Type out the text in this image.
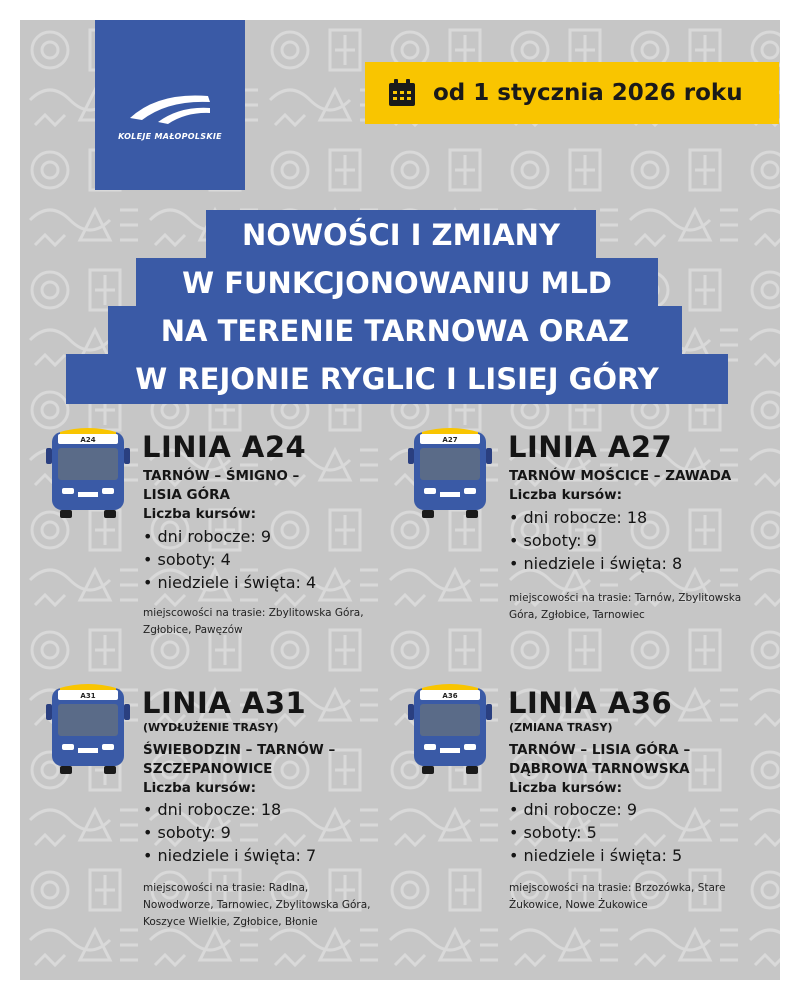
KOLEJE MAŁOPOLSKIE
od 1 stycznia 2026 roku
NOWOŚCI I ZMIANY
W FUNKCJONOWANIU MLD
NA TERENIE TARNOWA ORAZ
W REJONIE RYGLIC I LISIEJ GÓRY
A24 LINIA A24
TARNÓW – ŚMIGNO –
LISIA GÓRA
Liczba kursów:
• dni robocze: 9
• soboty: 4
• niedziele i święta: 4
miejscowości na trasie: Zbylitowska Góra, Zgłobice, Pawęzów
A27 LINIA A27
TARNÓW MOŚCICE – ZAWADA
Liczba kursów:
• dni robocze: 18
• soboty: 9
• niedziele i święta: 8
miejscowości na trasie: Tarnów, Zbylitowska Góra, Zgłobice, Tarnowiec
A31 LINIA A31
(WYDŁUŻENIE TRASY)
ŚWIEBODZIN – TARNÓW –
SZCZEPANOWICE
Liczba kursów:
• dni robocze: 18
• soboty: 9
• niedziele i święta: 7
miejscowości na trasie: Radlna, Nowodworze, Tarnowiec, Zbylitowska Góra, Koszyce Wielkie, Zgłobice, Błonie
A36 LINIA A36
(ZMIANA TRASY)
TARNÓW – LISIA GÓRA –
DĄBROWA TARNOWSKA
Liczba kursów:
• dni robocze: 9
• soboty: 5
• niedziele i święta: 5
miejscowości na trasie: Brzozówka, Stare Żukowice, Nowe Żukowice
